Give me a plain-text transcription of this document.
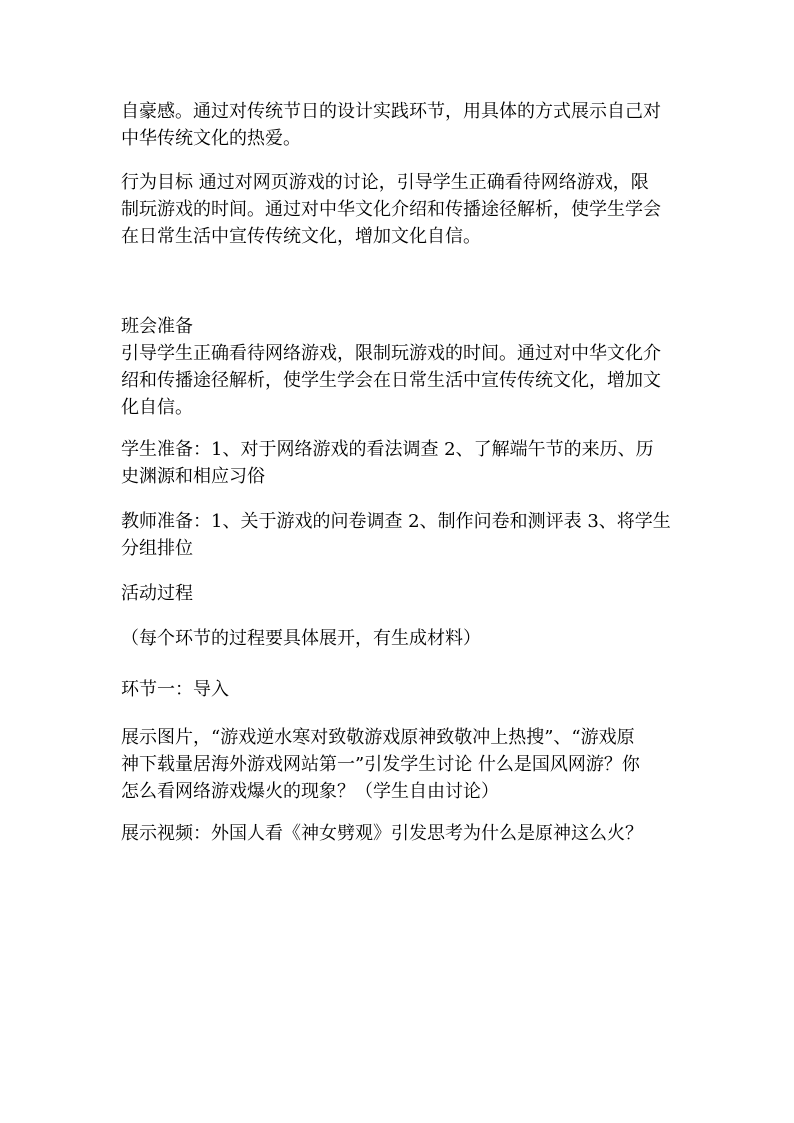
自豪感。通过对传统节日的设计实践环节，用具体的方式展示自己对
中华传统文化的热爱。

行为目标 通过对网页游戏的讨论，引导学生正确看待网络游戏，限
制玩游戏的时间。通过对中华文化介绍和传播途径解析，使学生学会
在日常生活中宣传传统文化，增加文化自信。

班会准备
引导学生正确看待网络游戏，限制玩游戏的时间。通过对中华文化介
绍和传播途径解析，使学生学会在日常生活中宣传传统文化，增加文
化自信。

学生准备：1、对于网络游戏的看法调查 2、了解端午节的来历、历
史渊源和相应习俗

教师准备：1、关于游戏的问卷调查 2、制作问卷和测评表 3、将学生
分组排位

活动过程

（每个环节的过程要具体展开，有生成材料）

环节一：导入

展示图片，“游戏逆水寒对致敬游戏原神致敬冲上热搜”、“游戏原
神下载量居海外游戏网站第一”引发学生讨论 什么是国风网游？你
怎么看网络游戏爆火的现象？（学生自由讨论）

展示视频：外国人看《神女劈观》引发思考为什么是原神这么火？
